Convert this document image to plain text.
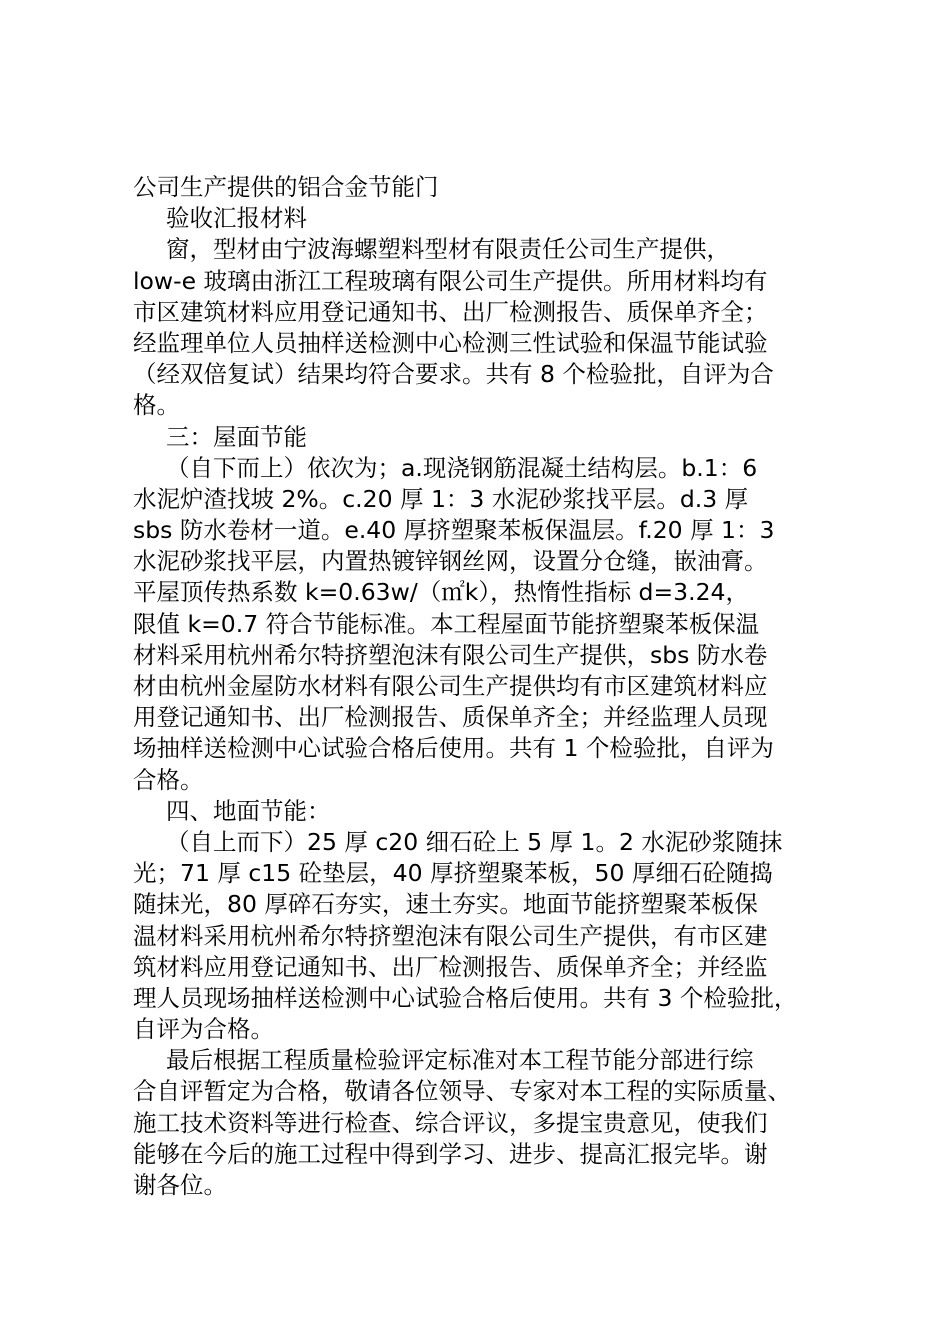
公司生产提供的铝合金节能门
验收汇报材料
窗，型材由宁波海螺塑料型材有限责任公司生产提供，
low-e 玻璃由浙江工程玻璃有限公司生产提供。所用材料均有
市区建筑材料应用登记通知书、出厂检测报告、质保单齐全；
经监理单位人员抽样送检测中心检测三性试验和保温节能试验
（经双倍复试）结果均符合要求。共有 8 个检验批，自评为合
格。
三：屋面节能
（自下而上）依次为；a.现浇钢筋混凝土结构层。b.1：6
水泥炉渣找坡 2%。c.20 厚 1：3 水泥砂浆找平层。d.3 厚
sbs 防水卷材一道。e.40 厚挤塑聚苯板保温层。f.20 厚 1：3
水泥砂浆找平层，内置热镀锌钢丝网，设置分仓缝，嵌油膏。
平屋顶传热系数 k=0.63w/（㎡k），热惰性指标 d=3.24，
限值 k=0.7 符合节能标准。本工程屋面节能挤塑聚苯板保温
材料采用杭州希尔特挤塑泡沫有限公司生产提供，sbs 防水卷
材由杭州金屋防水材料有限公司生产提供均有市区建筑材料应
用登记通知书、出厂检测报告、质保单齐全；并经监理人员现
场抽样送检测中心试验合格后使用。共有 1 个检验批，自评为
合格。
四、地面节能：
（自上而下）25 厚 c20 细石砼上 5 厚 1。2 水泥砂浆随抹
光；71 厚 c15 砼垫层，40 厚挤塑聚苯板，50 厚细石砼随捣
随抹光，80 厚碎石夯实，速土夯实。地面节能挤塑聚苯板保
温材料采用杭州希尔特挤塑泡沫有限公司生产提供，有市区建
筑材料应用登记通知书、出厂检测报告、质保单齐全；并经监
理人员现场抽样送检测中心试验合格后使用。共有 3 个检验批，
自评为合格。
最后根据工程质量检验评定标准对本工程节能分部进行综
合自评暂定为合格，敬请各位领导、专家对本工程的实际质量、
施工技术资料等进行检查、综合评议，多提宝贵意见，使我们
能够在今后的施工过程中得到学习、进步、提高汇报完毕。谢
谢各位。
